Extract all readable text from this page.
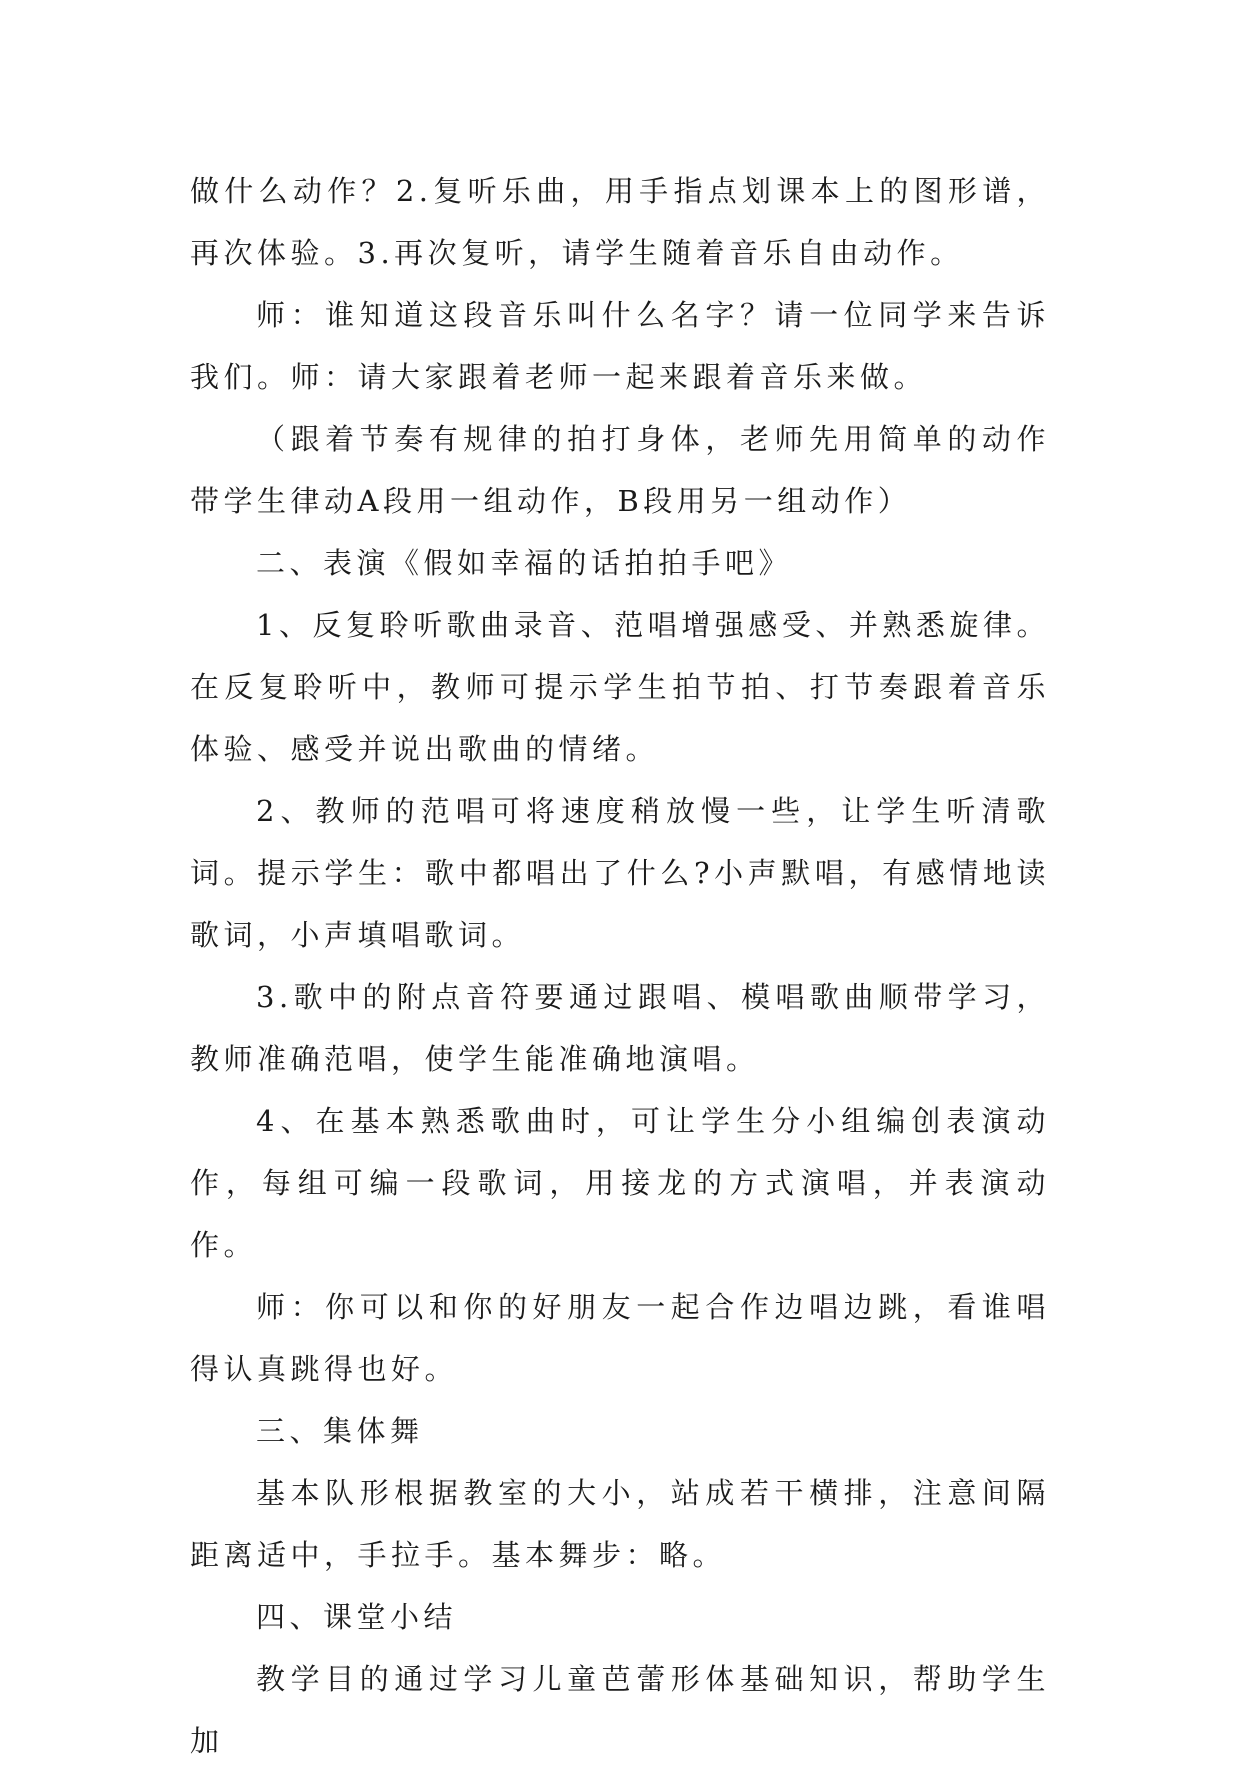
做什么动作？2.复听乐曲，用手指点划课本上的图形谱，再次体验。3.再次复听，请学生随着音乐自由动作。

师：谁知道这段音乐叫什么名字？请一位同学来告诉我们。师：请大家跟着老师一起来跟着音乐来做。

（跟着节奏有规律的拍打身体，老师先用简单的动作带学生律动A段用一组动作，B段用另一组动作）

二、表演《假如幸福的话拍拍手吧》

1、反复聆听歌曲录音、范唱增强感受、并熟悉旋律。在反复聆听中，教师可提示学生拍节拍、打节奏跟着音乐体验、感受并说出歌曲的情绪。

2、教师的范唱可将速度稍放慢一些，让学生听清歌词。提示学生：歌中都唱出了什么?小声默唱，有感情地读歌词，小声填唱歌词。

3.歌中的附点音符要通过跟唱、模唱歌曲顺带学习，教师准确范唱，使学生能准确地演唱。

4、在基本熟悉歌曲时，可让学生分小组编创表演动作，每组可编一段歌词，用接龙的方式演唱，并表演动作。

师：你可以和你的好朋友一起合作边唱边跳，看谁唱得认真跳得也好。

三、集体舞

基本队形根据教室的大小，站成若干横排，注意间隔距离适中，手拉手。基本舞步：略。

四、课堂小结

教学目的通过学习儿童芭蕾形体基础知识，帮助学生加
